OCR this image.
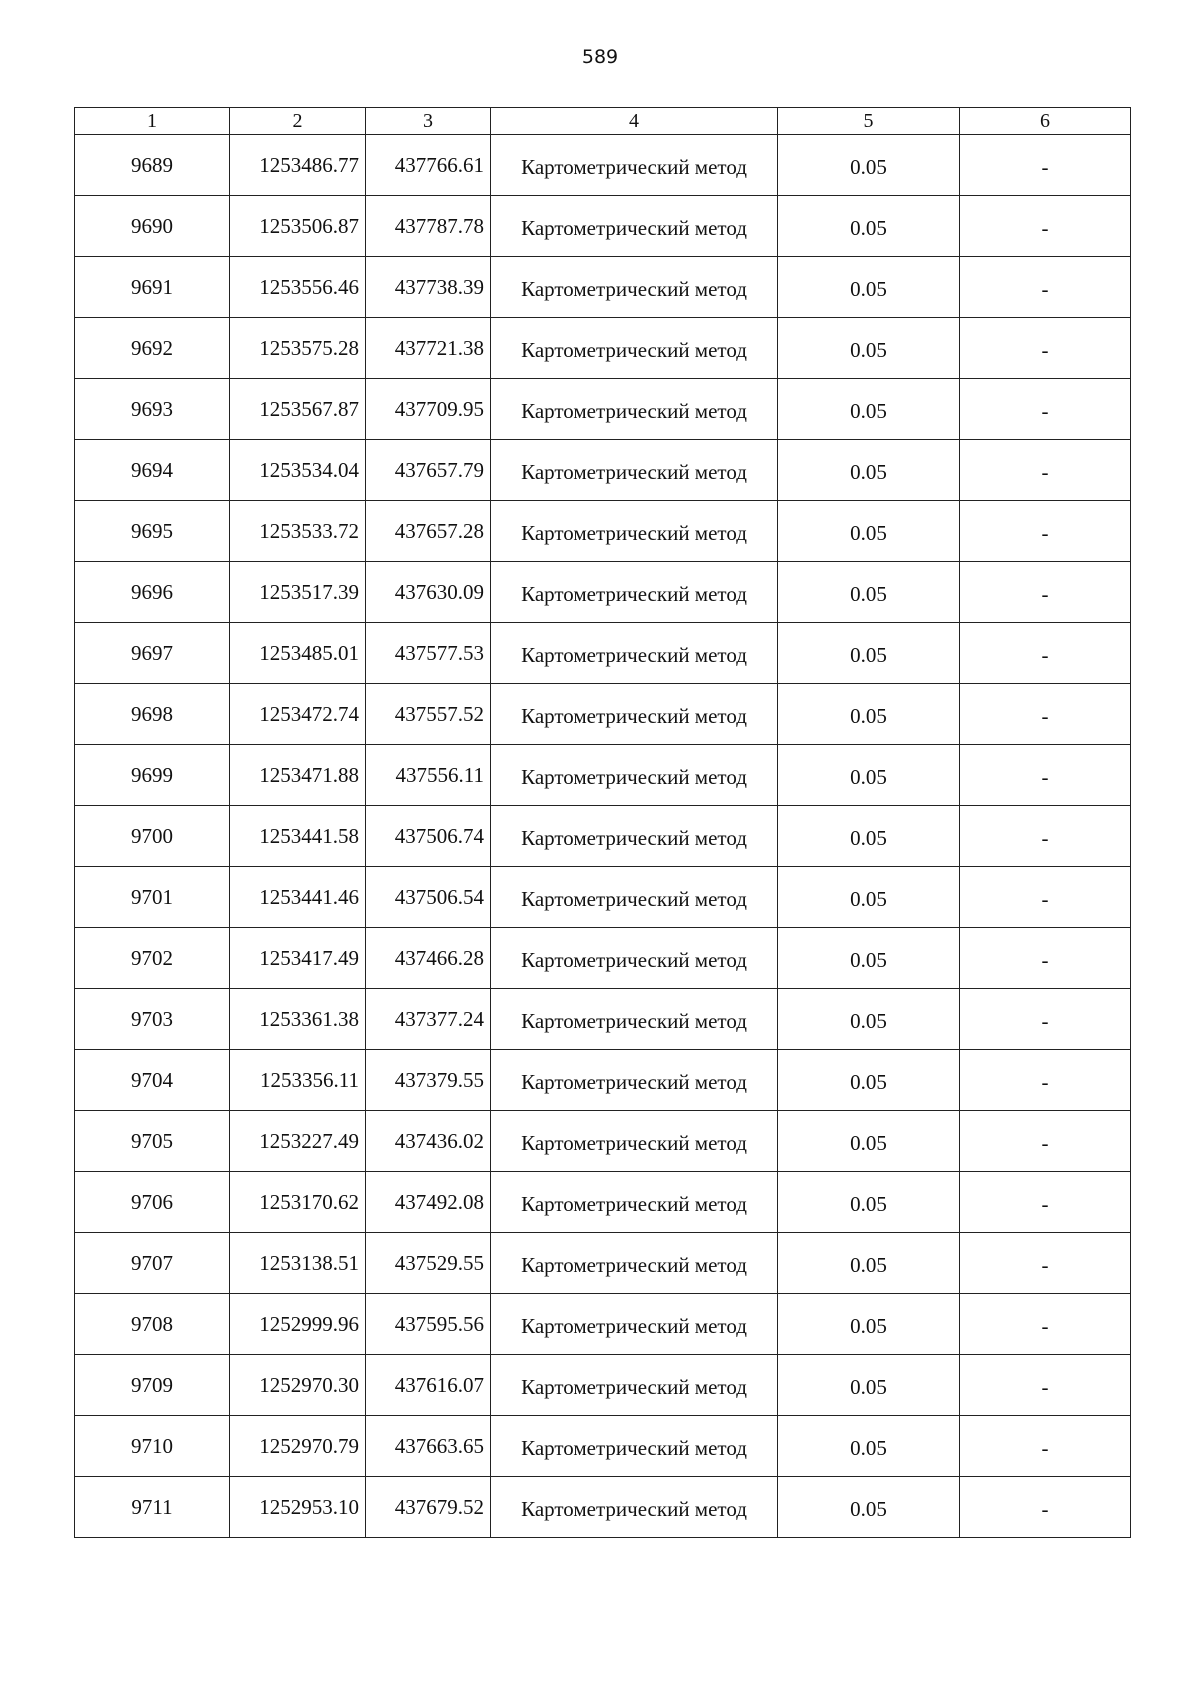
589
1	2	3	4	5	6
9689	1253486.77	437766.61	Картометрический метод	0.05	-
9690	1253506.87	437787.78	Картометрический метод	0.05	-
9691	1253556.46	437738.39	Картометрический метод	0.05	-
9692	1253575.28	437721.38	Картометрический метод	0.05	-
9693	1253567.87	437709.95	Картометрический метод	0.05	-
9694	1253534.04	437657.79	Картометрический метод	0.05	-
9695	1253533.72	437657.28	Картометрический метод	0.05	-
9696	1253517.39	437630.09	Картометрический метод	0.05	-
9697	1253485.01	437577.53	Картометрический метод	0.05	-
9698	1253472.74	437557.52	Картометрический метод	0.05	-
9699	1253471.88	437556.11	Картометрический метод	0.05	-
9700	1253441.58	437506.74	Картометрический метод	0.05	-
9701	1253441.46	437506.54	Картометрический метод	0.05	-
9702	1253417.49	437466.28	Картометрический метод	0.05	-
9703	1253361.38	437377.24	Картометрический метод	0.05	-
9704	1253356.11	437379.55	Картометрический метод	0.05	-
9705	1253227.49	437436.02	Картометрический метод	0.05	-
9706	1253170.62	437492.08	Картометрический метод	0.05	-
9707	1253138.51	437529.55	Картометрический метод	0.05	-
9708	1252999.96	437595.56	Картометрический метод	0.05	-
9709	1252970.30	437616.07	Картометрический метод	0.05	-
9710	1252970.79	437663.65	Картометрический метод	0.05	-
9711	1252953.10	437679.52	Картометрический метод	0.05	-
